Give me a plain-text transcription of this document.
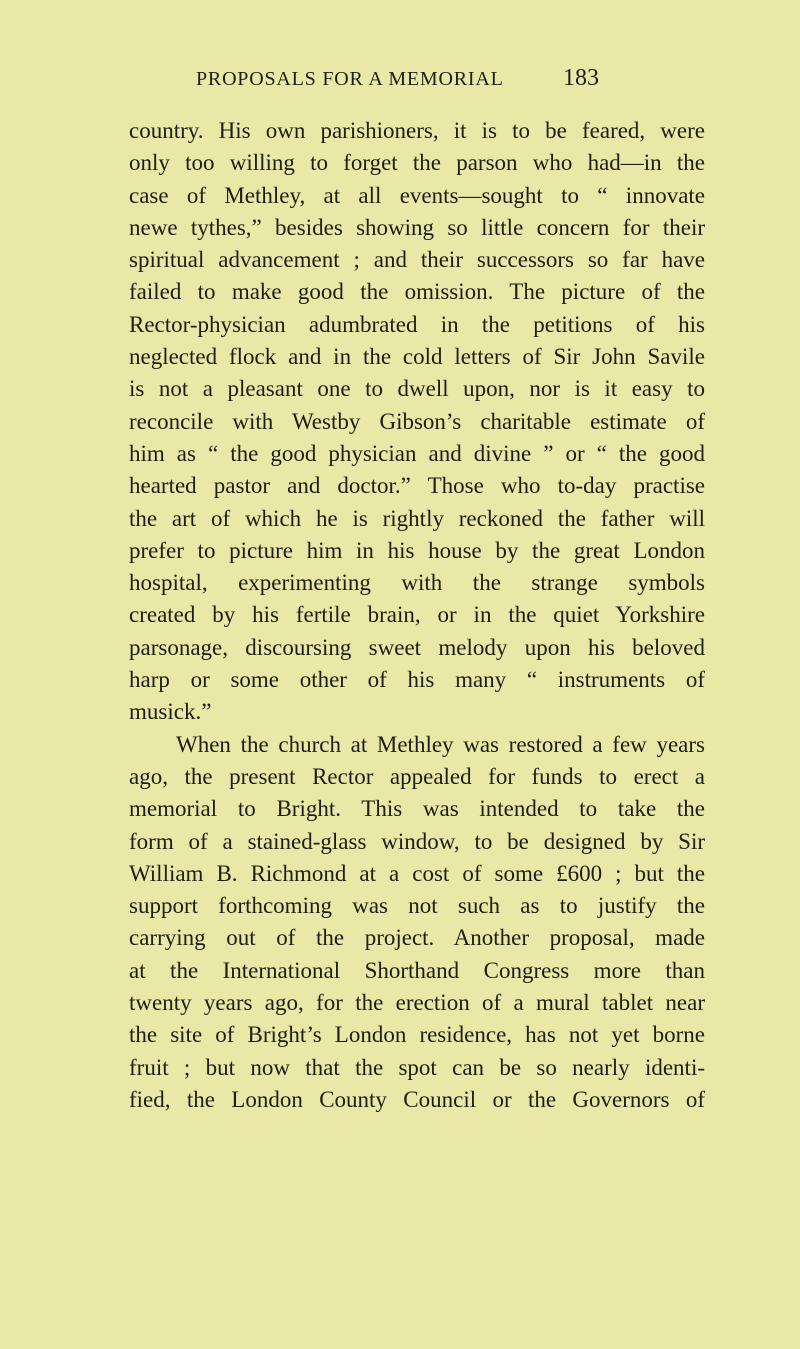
PROPOSALS FOR A MEMORIAL 183
country. His own parishioners, it is to be feared, were
only too willing to forget the parson who had—in the
case of Methley, at all events—sought to “ innovate
newe tythes,” besides showing so little concern for their
spiritual advancement ; and their successors so far have
failed to make good the omission. The picture of the
Rector-physician adumbrated in the petitions of his
neglected flock and in the cold letters of Sir John Savile
is not a pleasant one to dwell upon, nor is it easy to
reconcile with Westby Gibson’s charitable estimate of
him as “ the good physician and divine ” or “ the good
hearted pastor and doctor.” Those who to-day practise
the art of which he is rightly reckoned the father will
prefer to picture him in his house by the great London
hospital, experimenting with the strange symbols
created by his fertile brain, or in the quiet Yorkshire
parsonage, discoursing sweet melody upon his beloved
harp or some other of his many “ instruments of
musick.”
When the church at Methley was restored a few years
ago, the present Rector appealed for funds to erect a
memorial to Bright. This was intended to take the
form of a stained-glass window, to be designed by Sir
William B. Richmond at a cost of some £600 ; but the
support forthcoming was not such as to justify the
carrying out of the project. Another proposal, made
at the International Shorthand Congress more than
twenty years ago, for the erection of a mural tablet near
the site of Bright’s London residence, has not yet borne
fruit ; but now that the spot can be so nearly identi-
fied, the London County Council or the Governors of
